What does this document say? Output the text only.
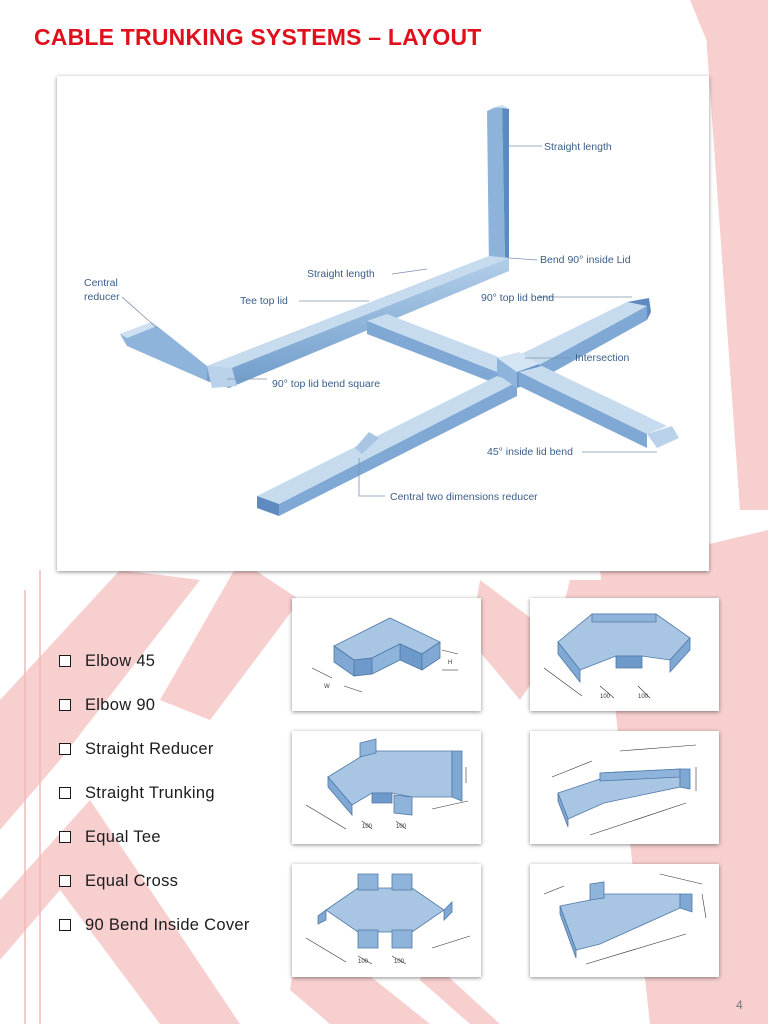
CABLE TRUNKING SYSTEMS – LAYOUT
Straight length
Bend 90° inside Lid
Central
reducer
Straight length
Tee top lid	90° top lid bend
Intersection
90° top lid bend square
45° inside lid bend
Central two dimensions reducer
W
H
100	100
100	100
100	100
Elbow 45
Elbow 90
Straight Reducer
Straight Trunking
Equal Tee
Equal Cross
90 Bend Inside Cover
4
